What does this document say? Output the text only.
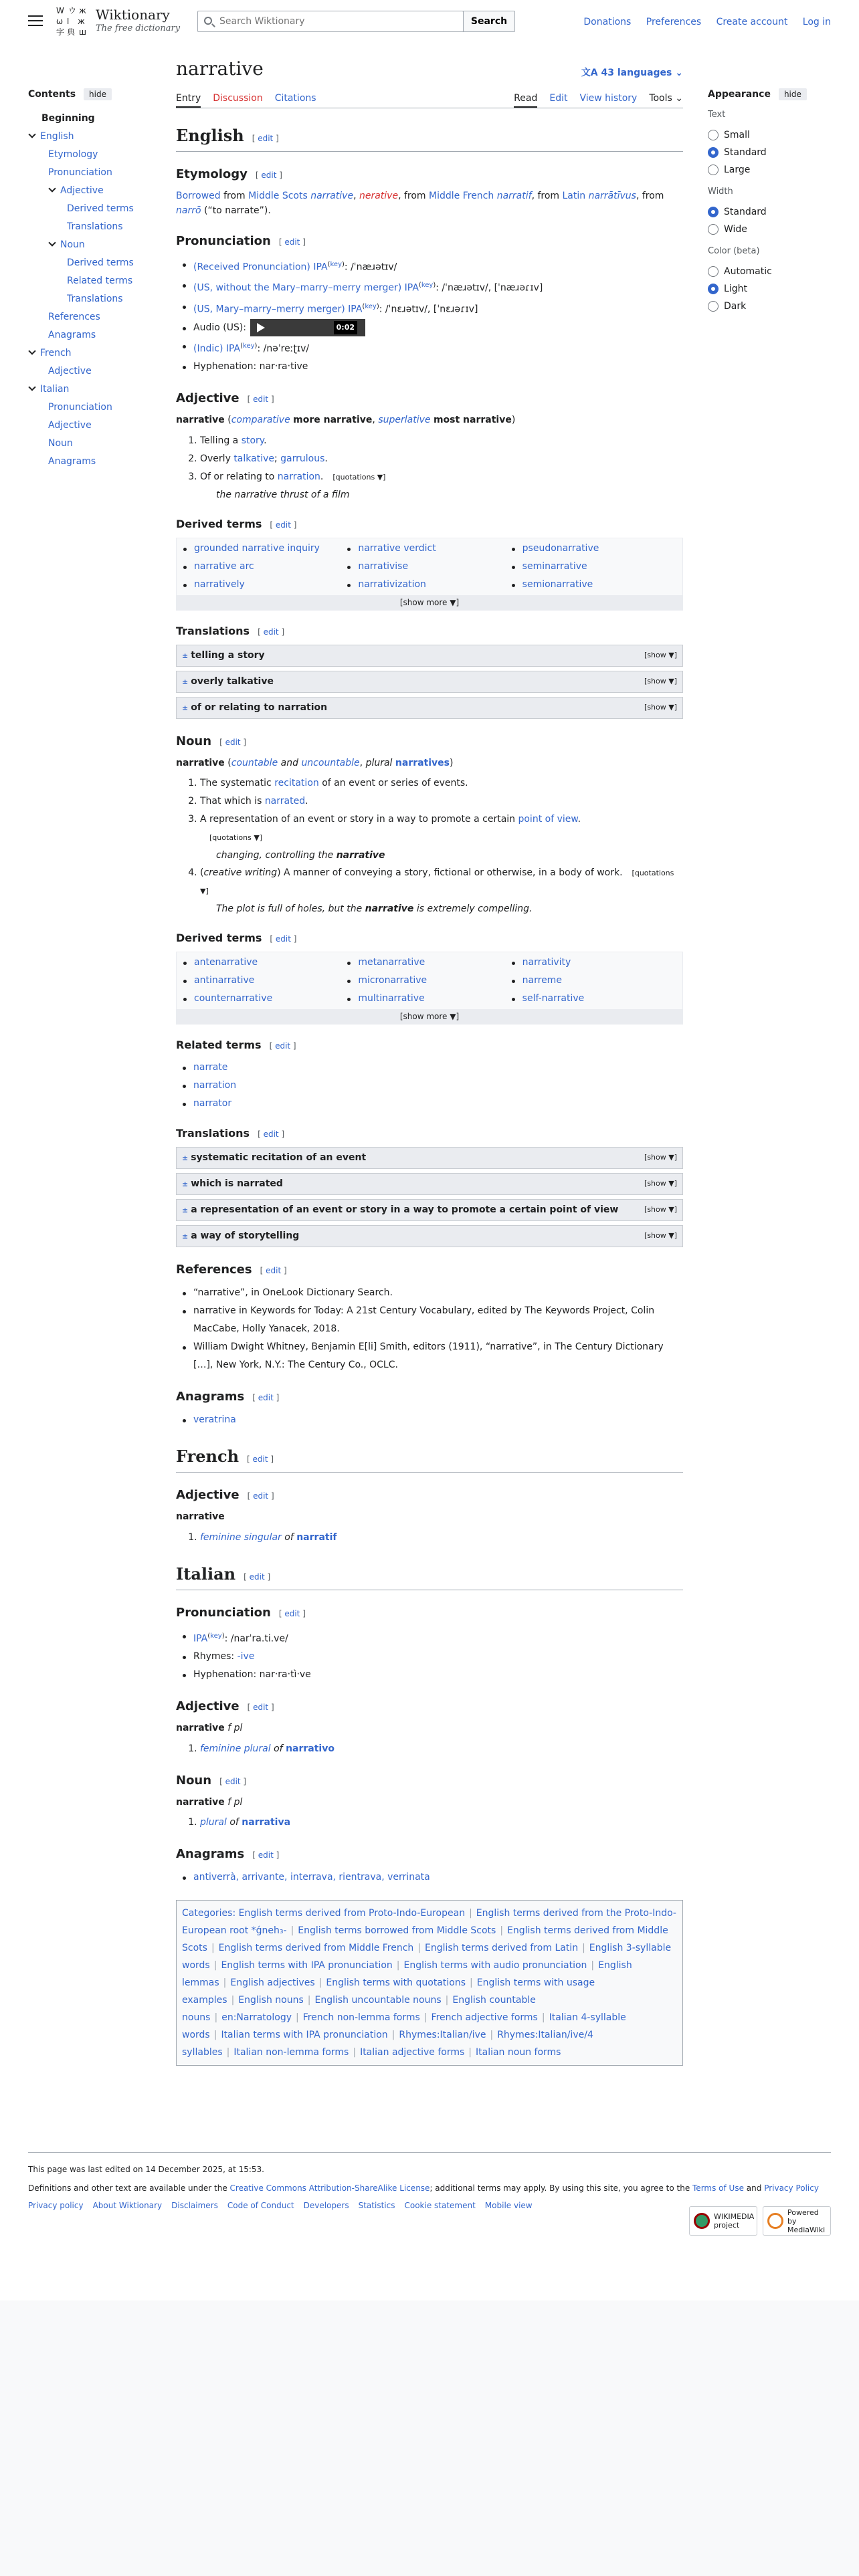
W ウ ж
ω ا ж
字 典 ш
Wiktionary
The free dictionary
Search Wiktionary
Search	Donations Preferences Create account Log in
Contents	hide
Beginning
English
Etymology
Pronunciation
Adjective
Derived terms
Translations
Noun
Derived terms
Related terms
Translations
References
Anagrams
French
Adjective
Italian
Pronunciation
Adjective
Noun
Anagrams
Appearance	hide
Text
Small
Standard
Large
Width
Standard
Wide
Color (beta)
Automatic
Light
Dark
narrative	文A 43 languages ⌄
Entry Discussion Citations	Read Edit View history Tools ⌄
English [ edit ]
Etymology [ edit ]

Borrowed from Middle Scots narrative, nerative, from Middle French narratif, from Latin narrātīvus, from narrō (“to narrate”).

Pronunciation [ edit ]
(Received Pronunciation) $IPA^{(key)}$: /ˈnæɹətɪv/
(US, without the Mary–marry–merry merger) $IPA^{(key)}$: /ˈnæɹətɪv/, [ˈnæɹəɾɪv]
(US, Mary–marry–merry merger) $IPA^{(key)}$: /ˈnɛɹətɪv/, [ˈnɛɹəɾɪv]
Audio (US):	0:02
(Indic) $IPA^{(key)}$: /nəˈreːʈɪv/
Hyphenation: nar‧ra‧tive
Adjective [ edit ]

narrative (comparative more narrative, superlative most narrative)

1. Telling a story.
2. Overly talkative; garrulous.
3. Of or relating to narration. [quotations ▼]
the narrative thrust of a film
Derived terms [ edit ]
grounded narrative inquiry	narrative verdict	pseudonarrative
narrative arc	narrativise	seminarrative
narratively	narrativization	semionarrative
[show more ▼]
Translations [ edit ]
± telling a story	[show ▼]
± overly talkative	[show ▼]
± of or relating to narration	[show ▼]
Noun [ edit ]

narrative (countable and uncountable, plural narratives)

1. The systematic recitation of an event or series of events.
2. That which is narrated.
3. A representation of an event or story in a way to promote a certain point of view.
[quotations ▼]
changing, controlling the narrative
4. (creative writing) A manner of conveying a story, fictional or otherwise, in a body of work. [quotations ▼]
The plot is full of holes, but the narrative is extremely compelling.
Derived terms [ edit ]
antenarrative	metanarrative	narrativity
antinarrative	micronarrative	narreme
counternarrative	multinarrative	self-narrative
[show more ▼]
Related terms [ edit ]
narrate
narration
narrator
Translations [ edit ]
± systematic recitation of an event	[show ▼]
± which is narrated	[show ▼]
± a representation of an event or story in a way to promote a certain point of view	[show ▼]
± a way of storytelling	[show ▼]
References [ edit ]
“narrative”, in OneLook Dictionary Search.
narrative in Keywords for Today: A 21st Century Vocabulary, edited by The Keywords Project, Colin MacCabe, Holly Yanacek, 2018.
William Dwight Whitney, Benjamin E[li] Smith, editors (1911), “narrative”, in The Century Dictionary […], New York, N.Y.: The Century Co., OCLC.
Anagrams [ edit ]
veratrina
French [ edit ]
Adjective [ edit ]

narrative

1. feminine singular of narratif
Italian [ edit ]
Pronunciation [ edit ]
$IPA^{(key)}$: /narˈra.ti.ve/
Rhymes: -ive
Hyphenation: nar‧ra‧tì‧ve
Adjective [ edit ]

narrative f pl

1. feminine plural of narrativo
Noun [ edit ]

narrative f pl

1. plural of narrativa
Anagrams [ edit ]
antiverrà, arrivante, interrava, rientrava, verrinata
Categories: English terms derived from Proto-Indo-European | English terms derived from the Proto-Indo-European root *ǵneh₃- | English terms borrowed from Middle Scots | English terms derived from Middle Scots | English terms derived from Middle French | English terms derived from Latin | English 3-syllable words | English terms with IPA pronunciation | English terms with audio pronunciation | English lemmas | English adjectives | English terms with quotations | English terms with usage examples | English nouns | English uncountable nouns | English countable nouns | en:Narratology | French non-lemma forms | French adjective forms | Italian 4-syllable words | Italian terms with IPA pronunciation | Rhymes:Italian/ive | Rhymes:Italian/ive/4 syllables | Italian non-lemma forms | Italian adjective forms | Italian noun forms
This page was last edited on 14 December 2025, at 15:53.
Definitions and other text are available under the Creative Commons Attribution-ShareAlike License; additional terms may apply. By using this site, you agree to the Terms of Use and Privacy Policy
Privacy policy About Wiktionary Disclaimers Code of Conduct Developers Statistics Cookie statement Mobile view
WIKIMEDIA project
Powered by MediaWiki
